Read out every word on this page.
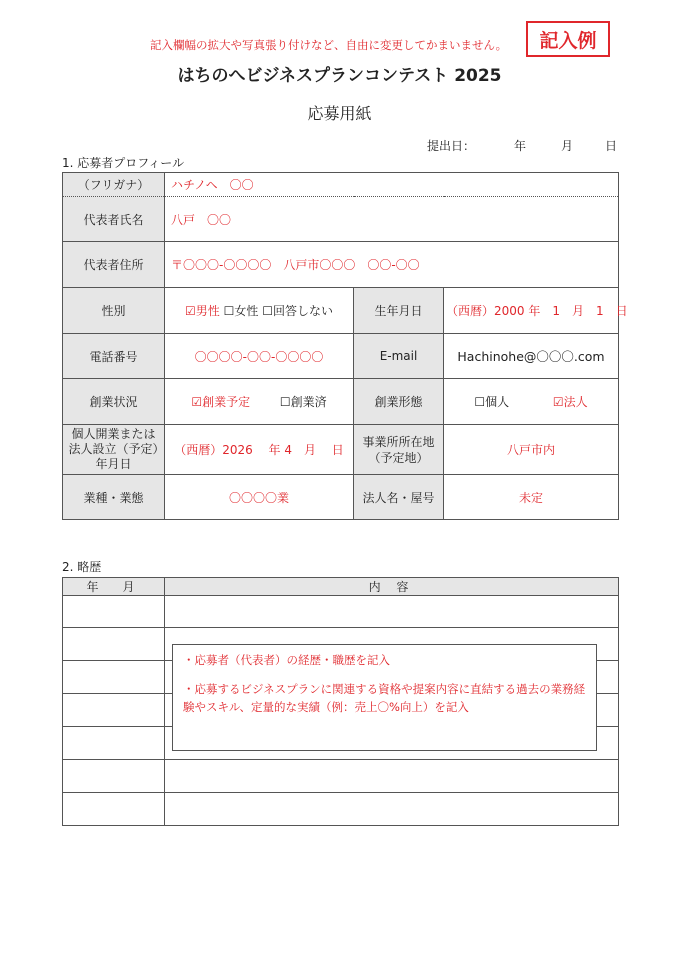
記入欄幅の拡大や写真張り付けなど、自由に変更してかまいません。	記入例
はちのへビジネスプランコンテスト 2025
応募用紙
提出日：	年	月	日
1. 応募者プロフィール
（フリガナ）	ハチノヘ　〇〇		
代表者氏名	八戸　〇〇		
代表者住所	〒〇〇〇-〇〇〇〇　八戸市〇〇〇　〇〇-〇〇		
性別	☑男性 ☐女性 ☐回答しない	生年月日	（西暦）2000 年　1　月　1　日
電話番号	〇〇〇〇-〇〇-〇〇〇〇	E-mail	Hachinohe@〇〇〇.com
創業状況	☑創業予定 ☐創業済	創業形態	☐個人 ☑法人
個人開業または法人設立（予定）年月日	（西暦）2026　 年 4　月　 日	事業所所在地（予定地）	八戸市内
業種・業態	〇〇〇〇業	法人名・屋号	未定
2. 略歴
年　月	内 容

・応募者（代表者）の経歴・職歴を記入

・応募するビジネスプランに関連する資格や提案内容に直結する過去の業務経験やスキル、定量的な実績（例：売上〇%向上）を記入
